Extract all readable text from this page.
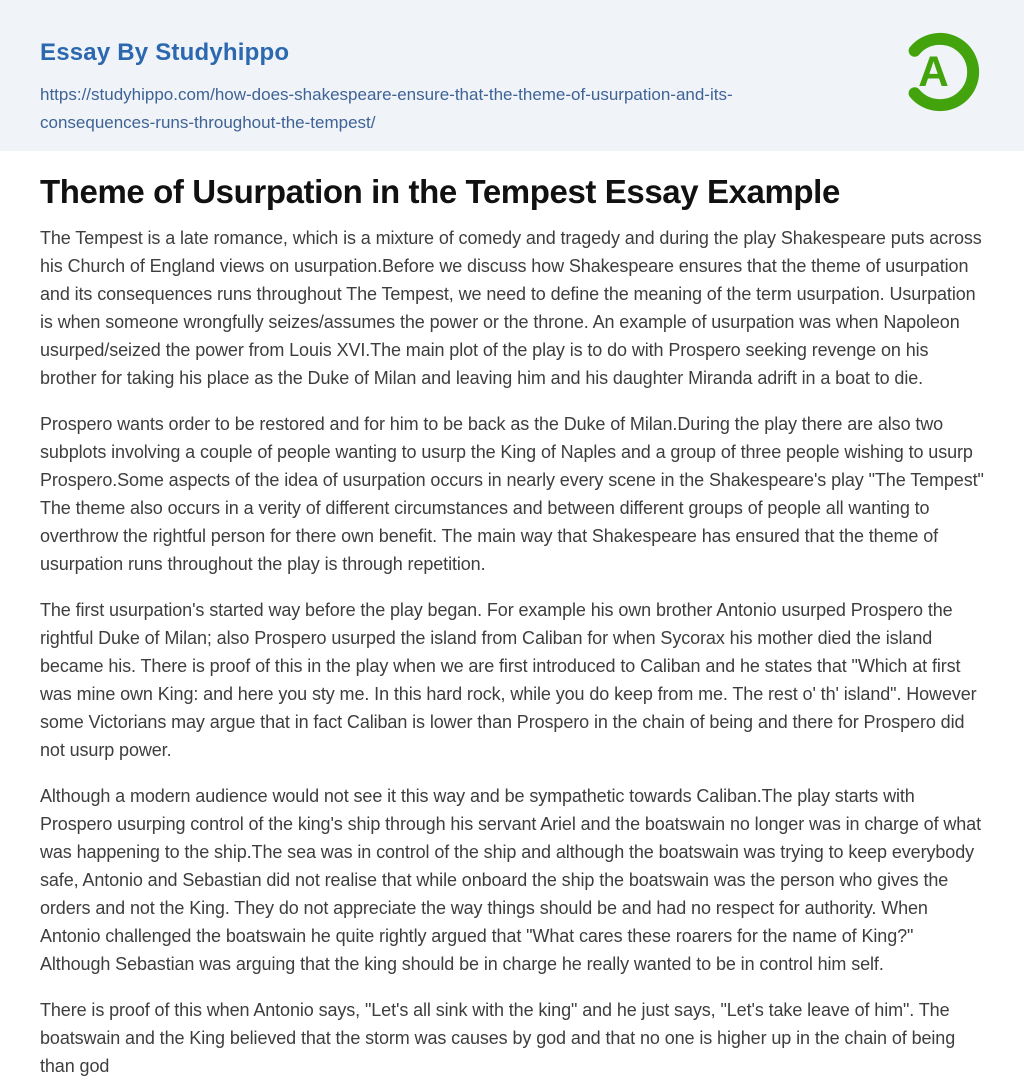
Essay By Studyhippo
https://studyhippo.com/how-does-shakespeare-ensure-that-the-theme-of-usurpation-and-its-consequences-runs-throughout-the-tempest/
A
Theme of Usurpation in the Tempest Essay Example

The Tempest is a late romance, which is a mixture of comedy and tragedy and during the play Shakespeare puts across his Church of England views on usurpation.Before we discuss how Shakespeare ensures that the theme of usurpation and its consequences runs throughout The Tempest, we need to define the meaning of the term usurpation. Usurpation is when someone wrongfully seizes/assumes the power or the throne. An example of usurpation was when Napoleon usurped/seized the power from Louis XVI.The main plot of the play is to do with Prospero seeking revenge on his brother for taking his place as the Duke of Milan and leaving him and his daughter Miranda adrift in a boat to die.

Prospero wants order to be restored and for him to be back as the Duke of Milan.During the play there are also two subplots involving a couple of people wanting to usurp the King of Naples and a group of three people wishing to usurp Prospero.Some aspects of the idea of usurpation occurs in nearly every scene in the Shakespeare's play "The Tempest" The theme also occurs in a verity of different circumstances and between different groups of people all wanting to overthrow the rightful person for there own benefit. The main way that Shakespeare has ensured that the theme of usurpation runs throughout the play is through repetition.

The first usurpation's started way before the play began. For example his own brother Antonio usurped Prospero the rightful Duke of Milan; also Prospero usurped the island from Caliban for when Sycorax his mother died the island became his. There is proof of this in the play when we are first introduced to Caliban and he states that "Which at first was mine own King: and here you sty me. In this hard rock, while you do keep from me. The rest o' th' island". However some Victorians may argue that in fact Caliban is lower than Prospero in the chain of being and there for Prospero did not usurp power.

Although a modern audience would not see it this way and be sympathetic towards Caliban.The play starts with Prospero usurping control of the king's ship through his servant Ariel and the boatswain no longer was in charge of what was happening to the ship.The sea was in control of the ship and although the boatswain was trying to keep everybody safe, Antonio and Sebastian did not realise that while onboard the ship the boatswain was the person who gives the orders and not the King. They do not appreciate the way things should be and had no respect for authority. When Antonio challenged the boatswain he quite rightly argued that "What cares these roarers for the name of King?" Although Sebastian was arguing that the king should be in charge he really wanted to be in control him self.

There is proof of this when Antonio says, "Let's all sink with the king" and he just says, "Let's take leave of him". The boatswain and the King believed that the storm was causes by god and that no one is higher up in the chain of being than god
